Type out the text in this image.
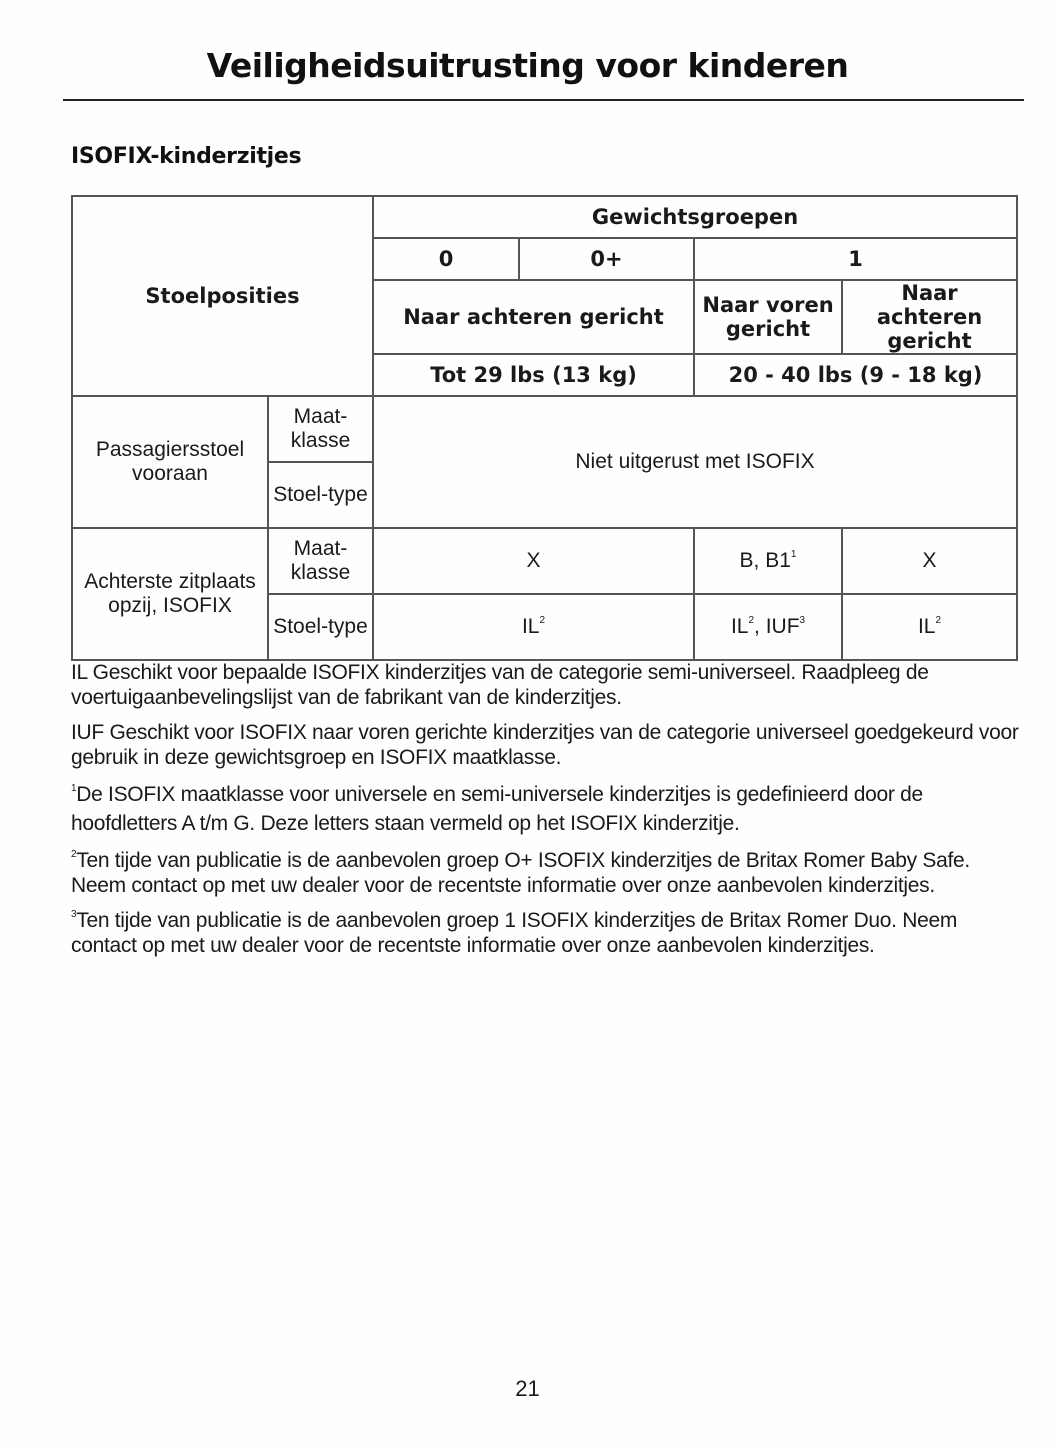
Veiligheidsuitrusting voor kinderen
ISOFIX-kinderzitjes
Stoelposities		Gewichtsgroepen			
		0	0+	1	
		Naar achteren gericht		Naar voren gericht	Naar achteren gericht
		Tot 29 lbs (13 kg)		20 - 40 lbs (9 - 18 kg)	
Passagiersstoel vooraan	Maat-klasse	Niet uitgerust met ISOFIX			
	Stoel-type				
Achterste zitplaats opzij, ISOFIX	Maat-klasse	X		B, $B1^1$	X
	Stoel-type	$IL^2$		$IL^2$, IUF$^3$	$IL^2$

IL Geschikt voor bepaalde ISOFIX kinderzitjes van de categorie semi-universeel. Raadpleeg de voertuigaanbevelingslijst van de fabrikant van de kinderzitjes.

IUF Geschikt voor ISOFIX naar voren gerichte kinderzitjes van de categorie universeel goedgekeurd voor gebruik in deze gewichtsgroep en ISOFIX maatklasse.

$^1$De ISOFIX maatklasse voor universele en semi-universele kinderzitjes is gedefinieerd door de hoofdletters A t/m G. Deze letters staan vermeld op het ISOFIX kinderzitje.

$^2$Ten tijde van publicatie is de aanbevolen groep O+ ISOFIX kinderzitjes de Britax Romer Baby Safe. Neem contact op met uw dealer voor de recentste informatie over onze aanbevolen kinderzitjes.

$^3$Ten tijde van publicatie is de aanbevolen groep 1 ISOFIX kinderzitjes de Britax Romer Duo. Neem contact op met uw dealer voor de recentste informatie over onze aanbevolen kinderzitjes.

21
